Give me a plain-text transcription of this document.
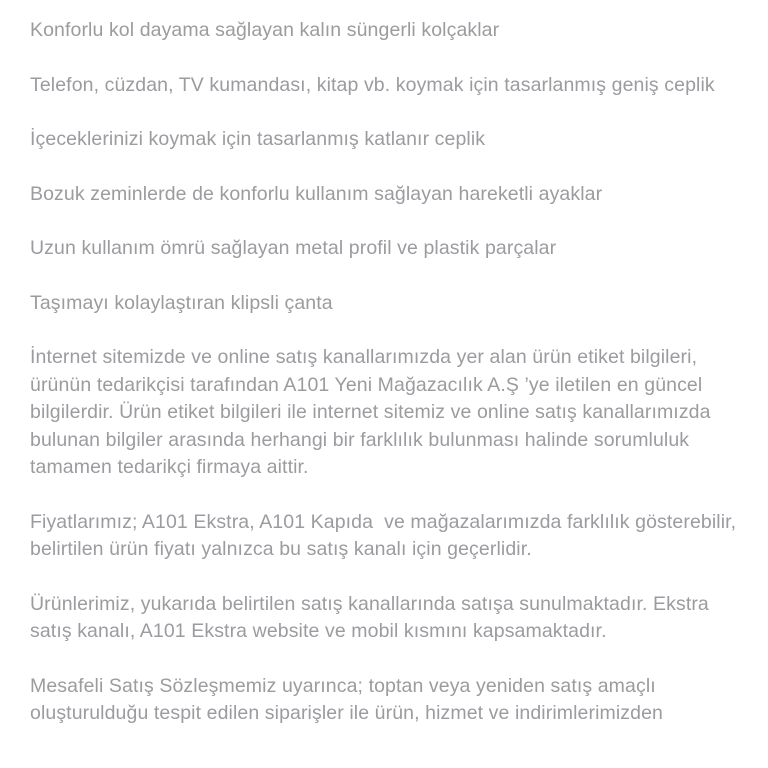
Konforlu kol dayama sağlayan kalın süngerli kolçaklar

Telefon, cüzdan, TV kumandası, kitap vb. koymak için tasarlanmış geniş ceplik

İçeceklerinizi koymak için tasarlanmış katlanır ceplik

Bozuk zeminlerde de konforlu kullanım sağlayan hareketli ayaklar

Uzun kullanım ömrü sağlayan metal profil ve plastik parçalar

Taşımayı kolaylaştıran klipsli çanta

İnternet sitemizde ve online satış kanallarımızda yer alan ürün etiket bilgileri, ürünün tedarikçisi tarafından A101 Yeni Mağazacılık A.Ş ’ye iletilen en güncel bilgilerdir. Ürün etiket bilgileri ile internet sitemiz ve online satış kanallarımızda bulunan bilgiler arasında herhangi bir farklılık bulunması halinde sorumluluk tamamen tedarikçi firmaya aittir.

Fiyatlarımız; A101 Ekstra, A101 Kapıda  ve mağazalarımızda farklılık gösterebilir, belirtilen ürün fiyatı yalnızca bu satış kanalı için geçerlidir.

Ürünlerimiz, yukarıda belirtilen satış kanallarında satışa sunulmaktadır. Ekstra satış kanalı, A101 Ekstra website ve mobil kısmını kapsamaktadır.

Mesafeli Satış Sözleşmemiz uyarınca; toptan veya yeniden satış amaçlı oluşturulduğu tespit edilen siparişler ile ürün, hizmet ve indirimlerimizden
